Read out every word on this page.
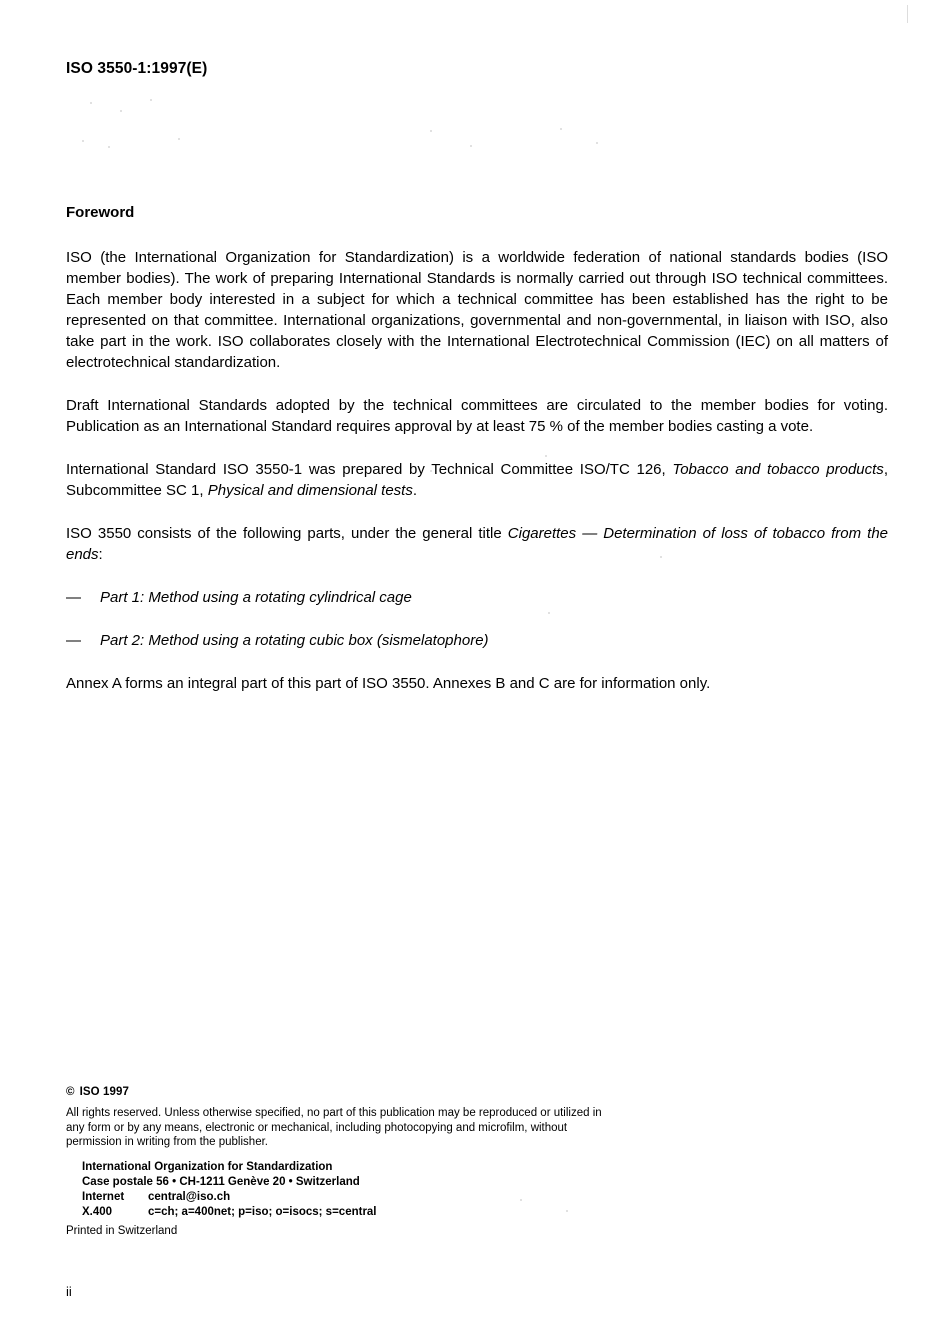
ISO 3550-1:1997(E)
Foreword

ISO (the International Organization for Standardization) is a worldwide federation of national standards bodies (ISO member bodies). The work of preparing International Standards is normally carried out through ISO technical committees. Each member body interested in a subject for which a technical committee has been established has the right to be represented on that committee. International organizations, governmental and non-governmental, in liaison with ISO, also take part in the work. ISO collaborates closely with the International Electrotechnical Commission (IEC) on all matters of electrotechnical standardization.

Draft International Standards adopted by the technical committees are circulated to the member bodies for voting. Publication as an International Standard requires approval by at least 75 % of the member bodies casting a vote.

International Standard ISO 3550-1 was prepared by Technical Committee ISO/TC 126, Tobacco and tobacco products, Subcommittee SC 1, Physical and dimensional tests.

ISO 3550 consists of the following parts, under the general title Cigarettes — Determination of loss of tobacco from the ends:

— Part 1: Method using a rotating cylindrical cage
— Part 2: Method using a rotating cubic box (sismelatophore)

Annex A forms an integral part of this part of ISO 3550. Annexes B and C are for information only.

© ISO 1997

All rights reserved. Unless otherwise specified, no part of this publication may be reproduced or utilized in any form or by any means, electronic or mechanical, including photocopying and microfilm, without permission in writing from the publisher.

International Organization for Standardization
Case postale 56 • CH-1211 Genève 20 • Switzerland
Internet central@iso.ch
X.400	c=ch; a=400net; p=iso; o=isocs; s=central

Printed in Switzerland

ii
